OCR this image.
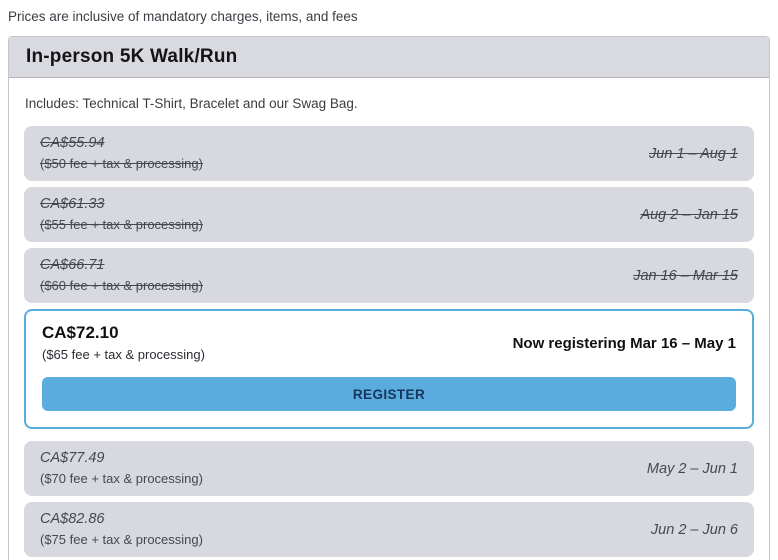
Prices are inclusive of mandatory charges, items, and fees
In-person 5K Walk/Run
Includes: Technical T-Shirt, Bracelet and our Swag Bag.
CA$55.94
($50 fee + tax & processing)
Jun 1 – Aug 1
CA$61.33
($55 fee + tax & processing)
Aug 2 – Jan 15
CA$66.71
($60 fee + tax & processing)
Jan 16 – Mar 15
CA$72.10
($65 fee + tax & processing)
Now registering Mar 16 – May 1
REGISTER
CA$77.49
($70 fee + tax & processing)
May 2 – Jun 1
CA$82.86
($75 fee + tax & processing)
Jun 2 – Jun 6
